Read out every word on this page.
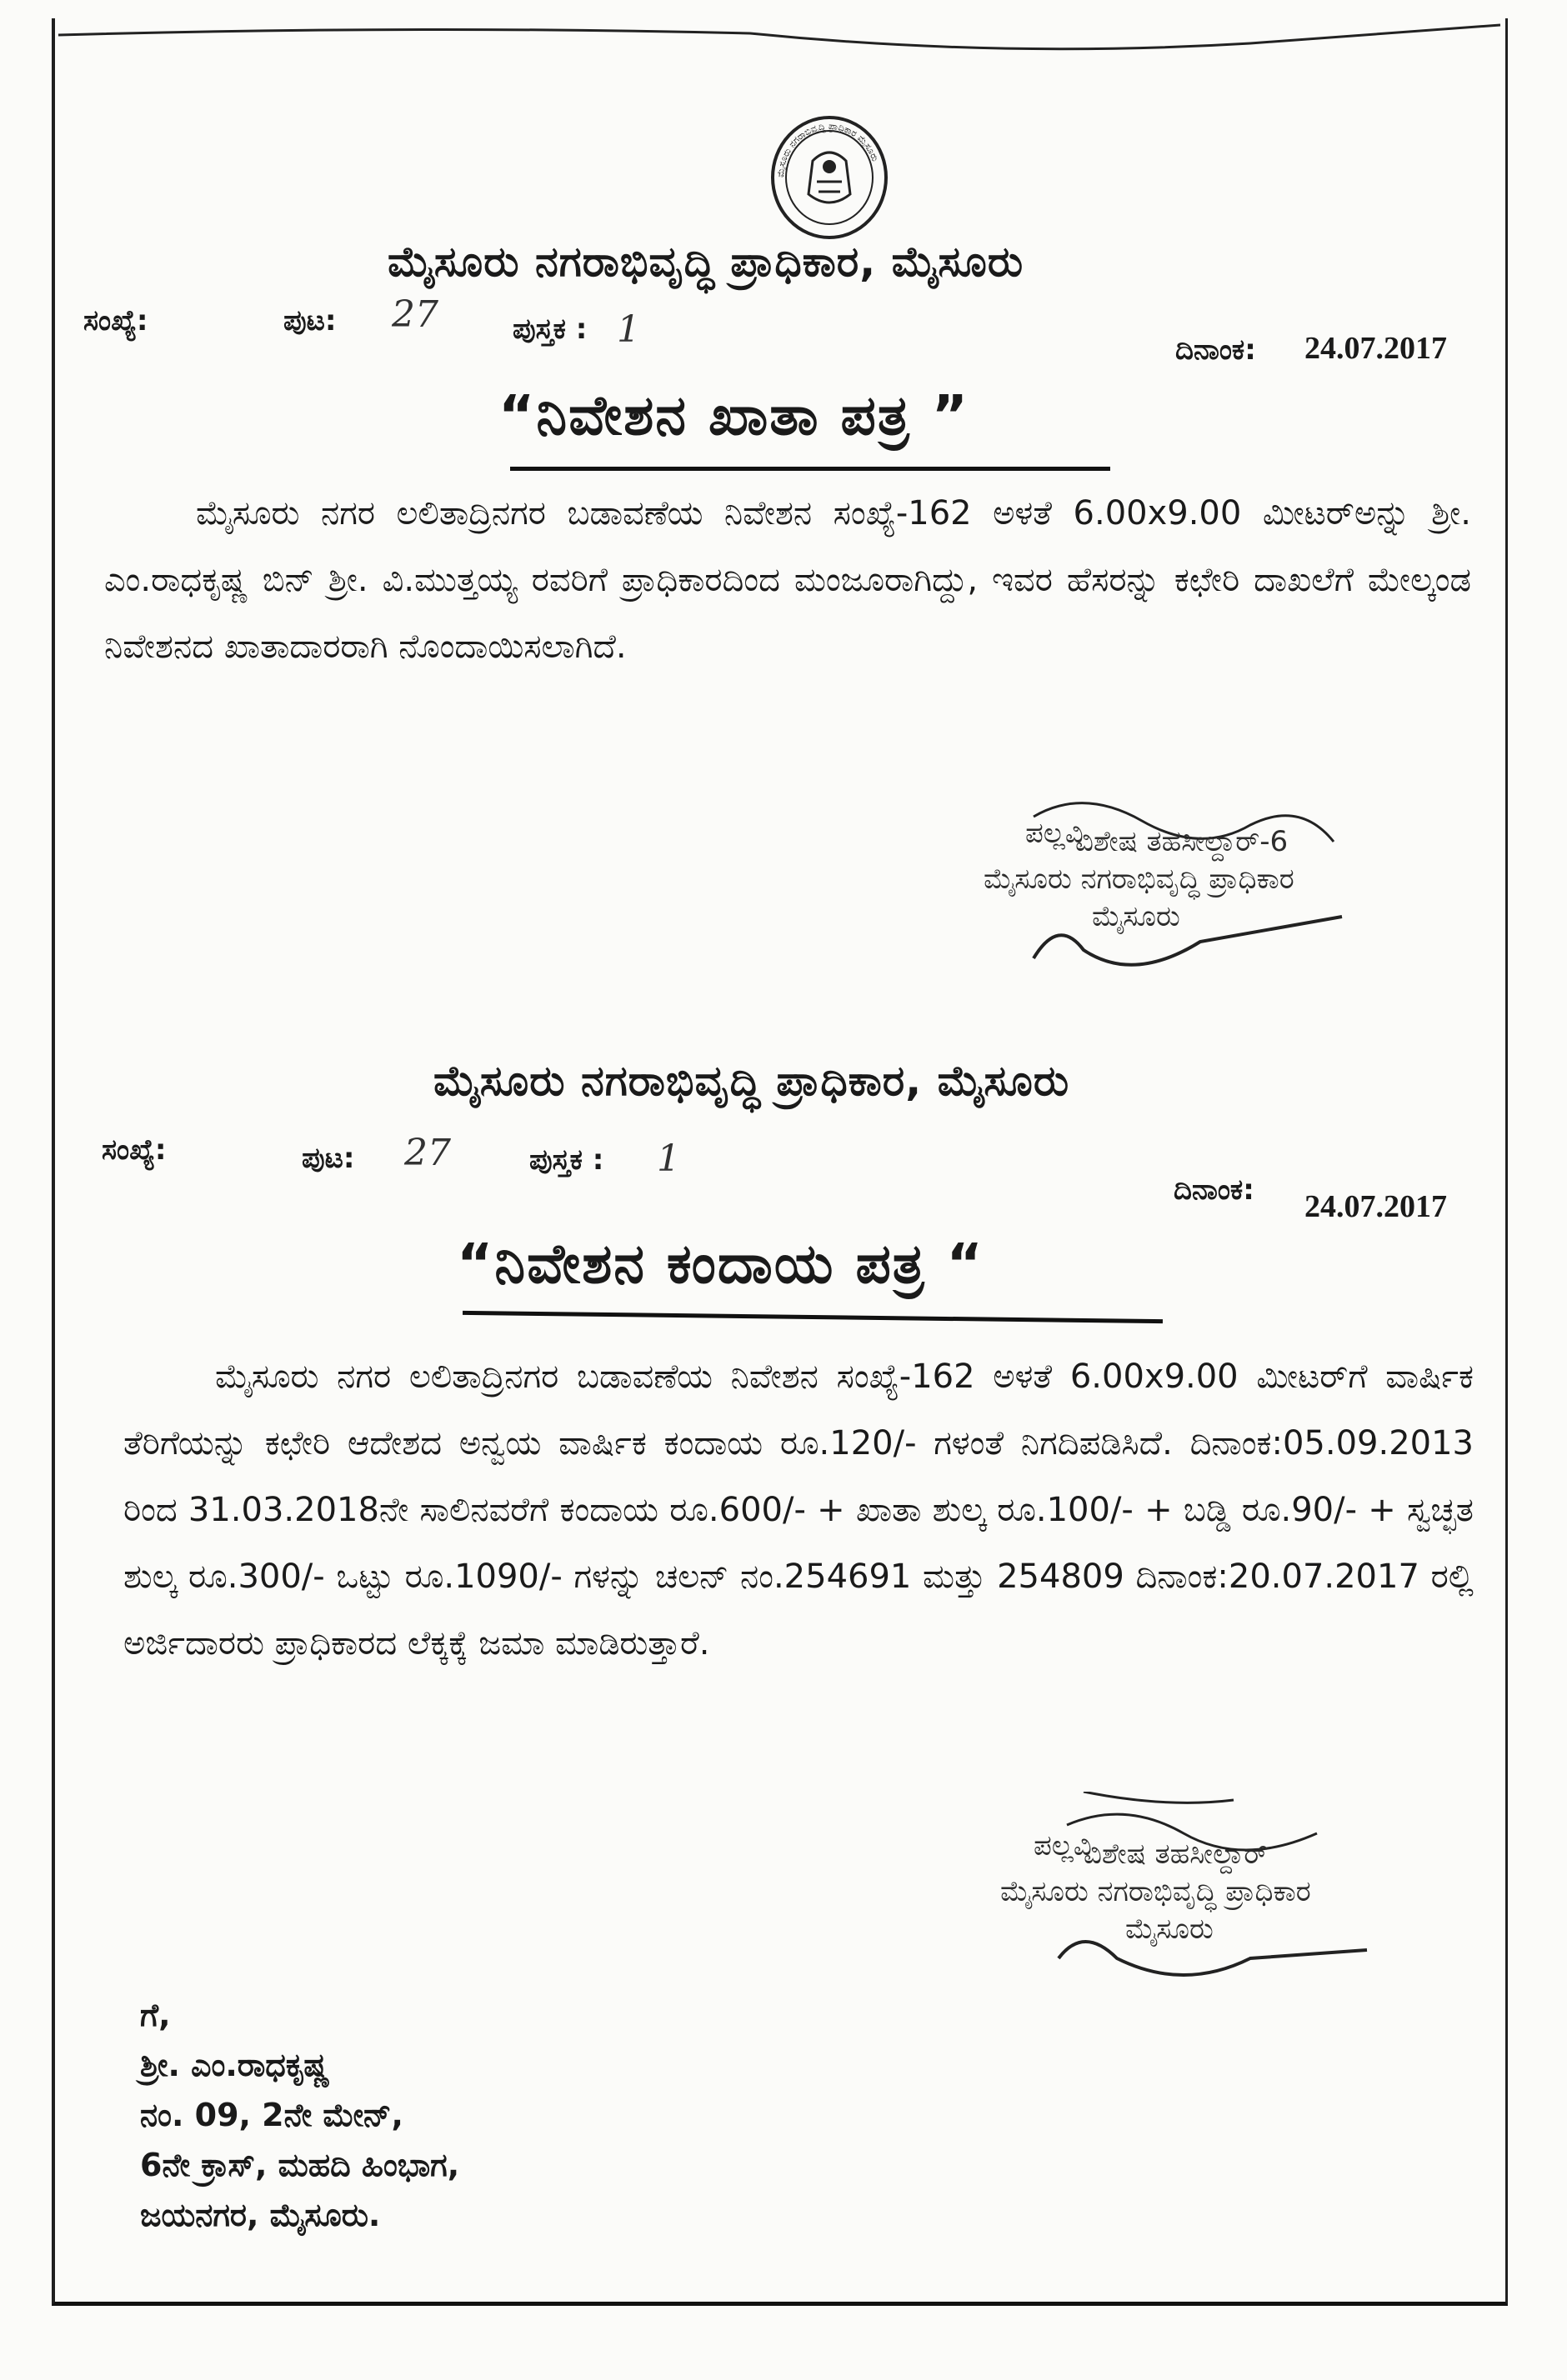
ಮೈಸೂರು ನಗರಾಭಿವೃದ್ಧಿ ಪ್ರಾಧಿಕಾರ ಮೈಸೂರು
ಮೈಸೂರು ನಗರಾಭಿವೃದ್ಧಿ ಪ್ರಾಧಿಕಾರ, ಮೈಸೂರು
ಸಂಖ್ಯೆ:	ಪುಟ: 27	ಪುಸ್ತಕ : 1	ದಿನಾಂಕ: 24.07.2017
“ನಿವೇಶನ ಖಾತಾ ಪತ್ರ ”
ಮೈಸೂರು ನಗರ ಲಲಿತಾದ್ರಿನಗರ ಬಡಾವಣೆಯ ನಿವೇಶನ ಸಂಖ್ಯೆ-162 ಅಳತೆ 6.00x9.00 ಮೀಟರ್‌ಅನ್ನು ಶ್ರೀ. ಎಂ.ರಾಧಕೃಷ್ಣ ಬಿನ್ ಶ್ರೀ. ವಿ.ಮುತ್ತಯ್ಯ ರವರಿಗೆ ಪ್ರಾಧಿಕಾರದಿಂದ ಮಂಜೂರಾಗಿದ್ದು, ಇವರ ಹೆಸರನ್ನು ಕಛೇರಿ ದಾಖಲೆಗೆ ಮೇಲ್ಕಂಡ ನಿವೇಶನದ ಖಾತಾದಾರರಾಗಿ ನೊಂದಾಯಿಸಲಾಗಿದೆ.
ಪಲ್ಲವಿ
ವಿಶೇಷ ತಹಸೀಲ್ದಾರ್-6
ಮೈಸೂರು ನಗರಾಭಿವೃದ್ಧಿ ಪ್ರಾಧಿಕಾರ
ಮೈಸೂರು
ಮೈಸೂರು ನಗರಾಭಿವೃದ್ಧಿ ಪ್ರಾಧಿಕಾರ, ಮೈಸೂರು
ಸಂಖ್ಯೆ:	ಪುಟ: 27	ಪುಸ್ತಕ : 1
ದಿನಾಂಕ: 24.07.2017
“ನಿವೇಶನ ಕಂದಾಯ ಪತ್ರ “
ಮೈಸೂರು ನಗರ ಲಲಿತಾದ್ರಿನಗರ ಬಡಾವಣೆಯ ನಿವೇಶನ ಸಂಖ್ಯೆ-162 ಅಳತೆ 6.00x9.00 ಮೀಟರ್‌ಗೆ ವಾರ್ಷಿಕ ತೆರಿಗೆಯನ್ನು ಕಛೇರಿ ಆದೇಶದ ಅನ್ವಯ ವಾರ್ಷಿಕ ಕಂದಾಯ ರೂ.120/- ಗಳಂತೆ ನಿಗದಿಪಡಿಸಿದೆ. ದಿನಾಂಕ:05.09.2013 ರಿಂದ 31.03.2018ನೇ ಸಾಲಿನವರೆಗೆ ಕಂದಾಯ ರೂ.600/- + ಖಾತಾ ಶುಲ್ಕ ರೂ.100/- + ಬಡ್ಡಿ ರೂ.90/- + ಸ್ವಚ್ಛತ ಶುಲ್ಕ ರೂ.300/- ಒಟ್ಟು ರೂ.1090/- ಗಳನ್ನು ಚಲನ್ ನಂ.254691 ಮತ್ತು 254809 ದಿನಾಂಕ:20.07.2017 ರಲ್ಲಿ ಅರ್ಜಿದಾರರು ಪ್ರಾಧಿಕಾರದ ಲೆಕ್ಕಕ್ಕೆ ಜಮಾ ಮಾಡಿರುತ್ತಾರೆ.
ಪಲ್ಲವಿ
ವಿಶೇಷ ತಹಸೀಲ್ದಾರ್
ಮೈಸೂರು ನಗರಾಭಿವೃದ್ಧಿ ಪ್ರಾಧಿಕಾರ
ಮೈಸೂರು
ಗೆ,
ಶ್ರೀ. ಎಂ.ರಾಧಕೃಷ್ಣ
ನಂ. 09, 2ನೇ ಮೇನ್,
6ನೇ ಕ್ರಾಸ್, ಮಹದಿ ಹಿಂಭಾಗ,
ಜಯನಗರ, ಮೈಸೂರು.
